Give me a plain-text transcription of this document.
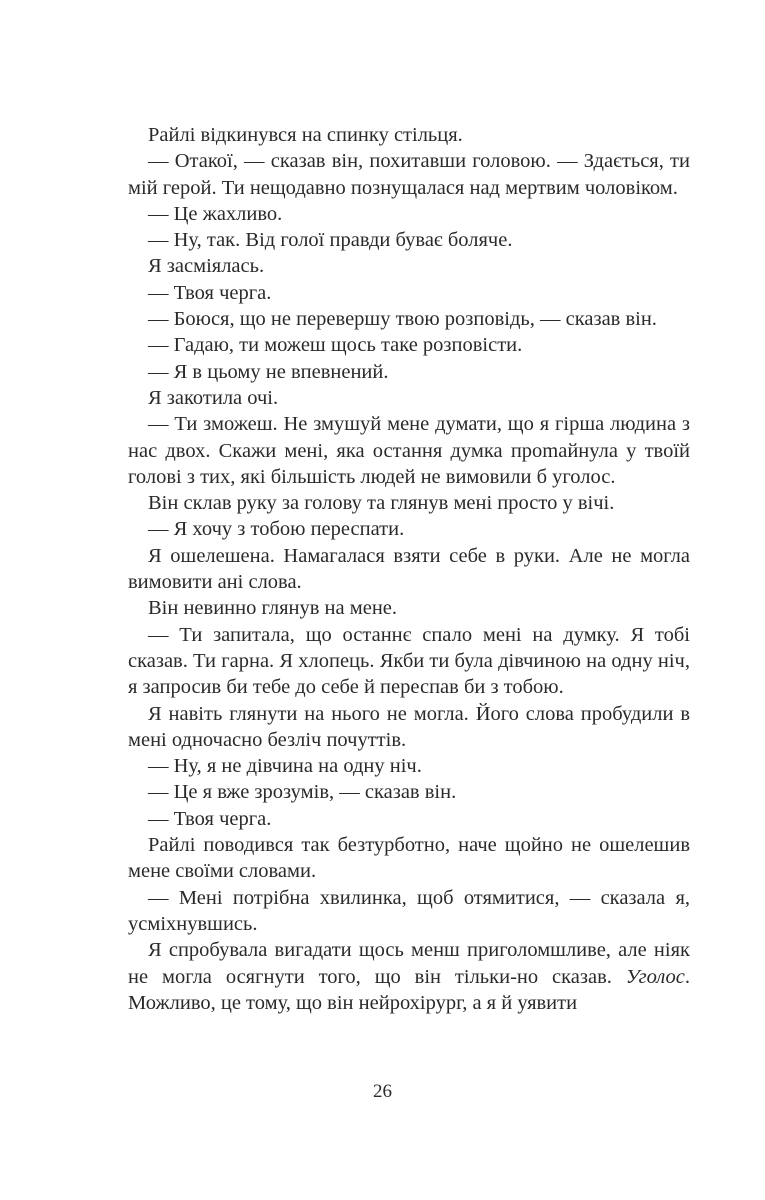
Райлі відкинувся на спинку стільця.

— Отакої, — сказав він, похитавши головою. — Здається, ти мій герой. Ти нещодавно познущалася над мертвим чоловіком.

— Це жахливо.

— Ну, так. Від голої правди буває боляче.

Я засміялась.

— Твоя черга.

— Боюся, що не перевершу твою розповідь, — сказав він.

— Гадаю, ти можеш щось таке розповісти.

— Я в цьому не впевнений.

Я закотила очі.

— Ти зможеш. Не змушуй мене думати, що я гірша людина з нас двох. Скажи мені, яка остання думка проmайнула у твоїй голові з тих, які більшість людей не вимовили б уголос.

Він склав руку за голову та глянув мені просто у вічі.

— Я хочу з тобою переспати.

Я ошелешена. Намагалася взяти себе в руки. Але не могла вимовити ані слова.

Він невинно глянув на мене.

— Ти запитала, що останнє спало мені на думку. Я тобі сказав. Ти гарна. Я хлопець. Якби ти була дівчиною на одну ніч, я запросив би тебе до себе й переспав би з тобою.

Я навіть глянути на нього не могла. Його слова пробудили в мені одночасно безліч почуттів.

— Ну, я не дівчина на одну ніч.

— Це я вже зрозумів, — сказав він.

— Твоя черга.

Райлі поводився так безтурботно, наче щойно не ошелешив мене своїми словами.

— Мені потрібна хвилинка, щоб отямитися, — сказала я, усміхнувшись.

Я спробувала вигадати щось менш приголомшливе, але ніяк не могла осягнути того, що він тільки-но сказав. Уголос. Можливо, це тому, що він нейрохірург, а я й уявити

26
